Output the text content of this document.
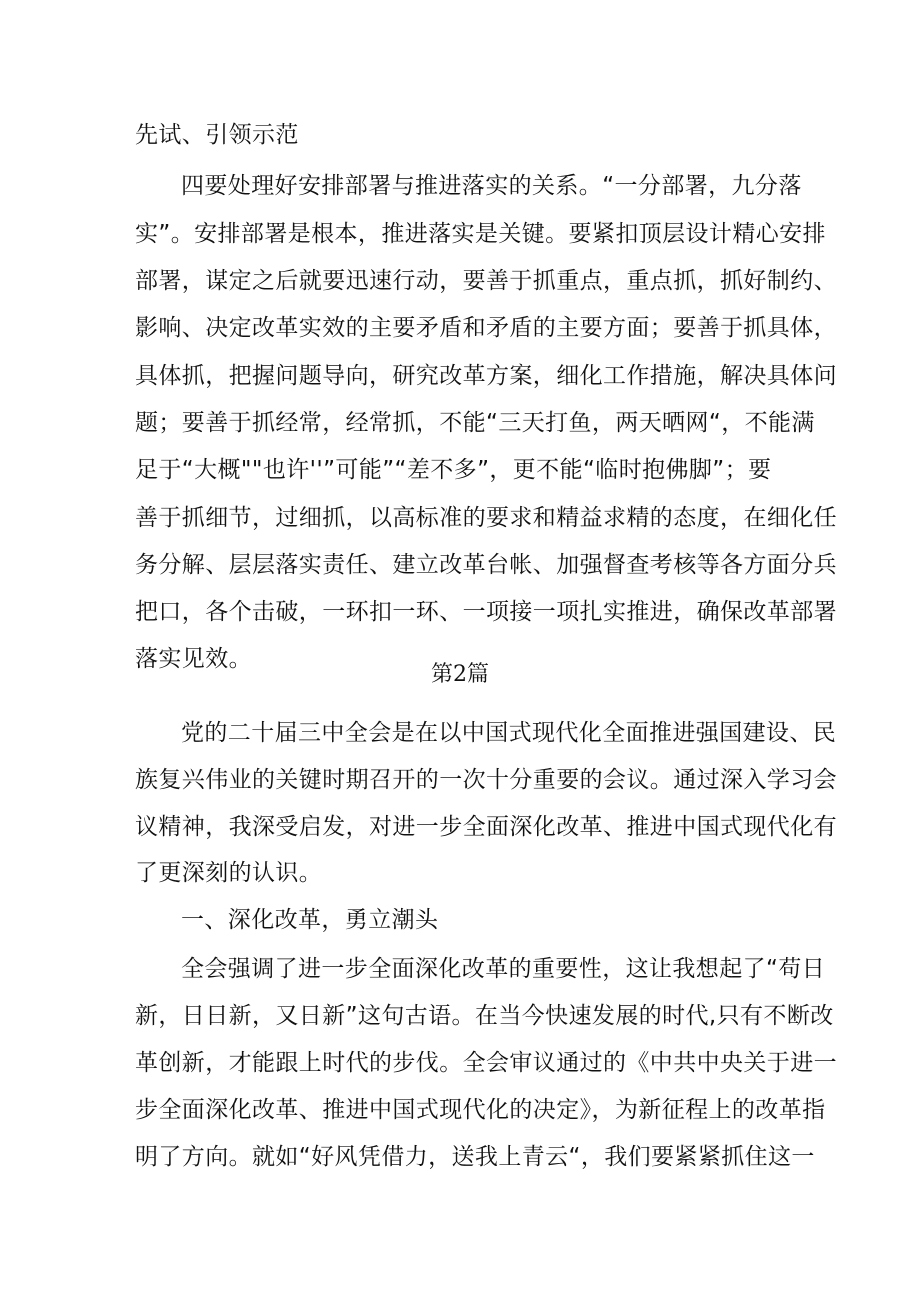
先试、引领示范
四要处理好安排部署与推进落实的关系。“一分部署，九分落
实”。安排部署是根本，推进落实是关键。要紧扣顶层设计精心安排
部署，谋定之后就要迅速行动，要善于抓重点，重点抓，抓好制约、
影响、决定改革实效的主要矛盾和矛盾的主要方面；要善于抓具体，
具体抓，把握问题导向，研究改革方案，细化工作措施，解决具体问
题；要善于抓经常，经常抓，不能“三天打鱼，两天晒网“，不能满
足于“大概""也许''”可能”“差不多”，更不能“临时抱佛脚”；要
善于抓细节，过细抓，以高标准的要求和精益求精的态度，在细化任
务分解、层层落实责任、建立改革台帐、加强督查考核等各方面分兵
把口，各个击破，一环扣一环、一项接一项扎实推进，确保改革部署
落实见效。
第2篇
党的二十届三中全会是在以中国式现代化全面推进强国建设、民
族复兴伟业的关键时期召开的一次十分重要的会议。通过深入学习会
议精神，我深受启发，对进一步全面深化改革、推进中国式现代化有
了更深刻的认识。
一、深化改革，勇立潮头
全会强调了进一步全面深化改革的重要性，这让我想起了“苟日
新，日日新，又日新”这句古语。在当今快速发展的时代,只有不断改
革创新，才能跟上时代的步伐。全会审议通过的《中共中央关于进一
步全面深化改革、推进中国式现代化的决定》，为新征程上的改革指
明了方向。就如“好风凭借力，送我上青云“，我们要紧紧抓住这一
